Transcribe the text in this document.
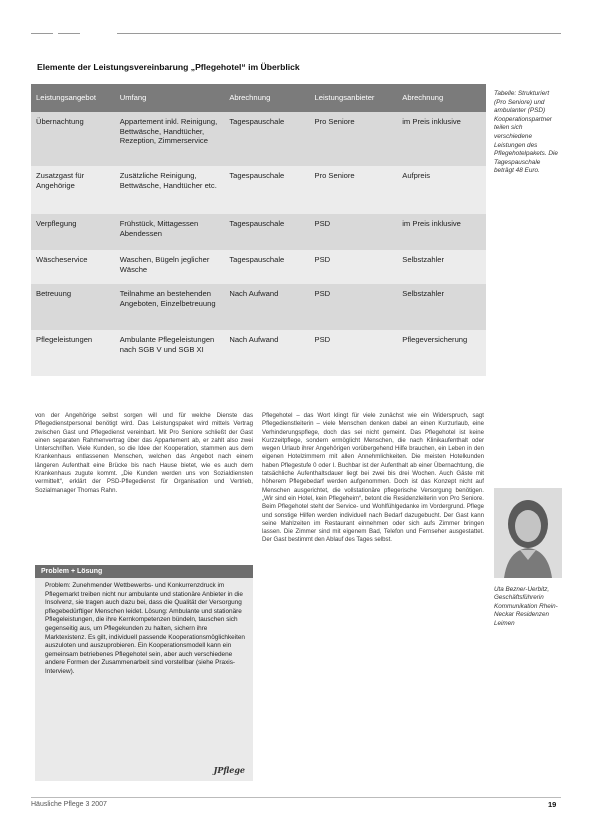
Elemente der Leistungsvereinbarung „Pflegehotel“ im Überblick
Leistungsangebot	Umfang	Abrechnung	Leistungsanbieter	Abrechnung
Übernachtung	Appartement inkl. Reinigung, Bettwäsche, Handtücher, Rezeption, Zimmerservice	Tagespauschale	Pro Seniore	im Preis inklusive
Zusatzgast für Angehörige	Zusätzliche Reinigung, Bettwäsche, Handtücher etc.	Tagespauschale	Pro Seniore	Aufpreis
Verpflegung	Frühstück, Mittagessen Abendessen	Tagespauschale	PSD	im Preis inklusive
Wäscheservice	Waschen, Bügeln jeglicher Wäsche	Tagespauschale	PSD	Selbstzahler
Betreuung	Teilnahme an bestehenden Angeboten, Einzelbetreuung	Nach Aufwand	PSD	Selbstzahler
Pflegeleistungen	Ambulante Pflegeleistungen nach SGB V und SGB XI	Nach Aufwand	PSD	Pflegeversicherung
Tabelle: Strukturiert (Pro Seniore) und ambulanter (PSD) Kooperationspartner teilen sich verschiedene Leistungen des Pflegehotelpakets. Die Tagespauschale beträgt 48 Euro.
von der Angehörige selbst sorgen will und für welche Dienste das Pflegedienstpersonal benötigt wird. Das Leistungspaket wird mittels Vertrag zwischen Gast und Pflegedienst vereinbart. Mit Pro Seniore schließt der Gast einen separaten Rahmenvertrag über das Appartement ab, er zahlt also zwei Unterschriften. Viele Kunden, so die Idee der Kooperation, stammen aus dem Krankenhaus entlassenen Menschen, welchen das Angebot nach einem längeren Aufenthalt eine Brücke bis nach Hause bietet, wie es auch dem Krankenhaus zugute kommt. „Die Kunden werden uns von Sozialdiensten vermittelt“, erklärt der PSD-Pflegedienst für Organisation und Vertrieb, Sozialmanager Thomas Rahn.
Pflegehotel – das Wort klingt für viele zunächst wie ein Widerspruch, sagt Pflegedienstleiterin – viele Menschen denken dabei an einen Kurzurlaub, eine Verhinderungspflege, doch das sei nicht gemeint. Das Pflegehotel ist keine Kurzzeitpflege, sondern ermöglicht Menschen, die nach Klinikaufenthalt oder wegen Urlaub ihrer Angehörigen vorübergehend Hilfe brauchen, ein Leben in den eigenen Hotelzimmern mit allen Annehmlichkeiten. Die meisten Hotelkunden haben Pflegestufe 0 oder I. Buchbar ist der Aufenthalt ab einer Übernachtung, die tatsächliche Aufenthaltsdauer liegt bei zwei bis drei Wochen. Auch Gäste mit höherem Pflegebedarf werden aufgenommen. Doch ist das Konzept nicht auf Menschen ausgerichtet, die vollstationäre pflegerische Versorgung benötigen. „Wir sind ein Hotel, kein Pflegeheim“, betont die Residenzleiterin von Pro Seniore. Beim Pflegehotel steht der Service- und Wohlfühlgedanke im Vordergrund. Pflege und sonstige Hilfen werden individuell nach Bedarf dazugebucht. Der Gast kann seine Mahlzeiten im Restaurant einnehmen oder sich aufs Zimmer bringen lassen. Die Zimmer sind mit eigenem Bad, Telefon und Fernseher ausgestattet. Der Gast bestimmt den Ablauf des Tages selbst.
Problem + Lösung
Problem: Zunehmender Wettbewerbs- und Konkurrenzdruck im Pflegemarkt treiben nicht nur ambulante und stationäre Anbieter in die Insolvenz, sie tragen auch dazu bei, dass die Qualität der Versorgung pflegebedürftiger Menschen leidet. Lösung: Ambulante und stationäre Pflegeleistungen, die ihre Kernkompetenzen bündeln, tauschen sich gegenseitig aus, um Pflegekunden zu halten, sichern ihre Marktexistenz. Es gilt, individuell passende Kooperationsmöglichkeiten auszuloten und auszuprobieren. Ein Kooperationsmodell kann ein gemeinsam betriebenes Pflegehotel sein, aber auch verschiedene andere Formen der Zusammenarbeit sind vorstellbar (siehe Praxis-Interview).
JPflege
Uta Bezner-Uerbitz, Geschäftsführerin Kommunikation Rhein-Neckar Residenzen Leimen
Häusliche Pflege 3 2007	19
